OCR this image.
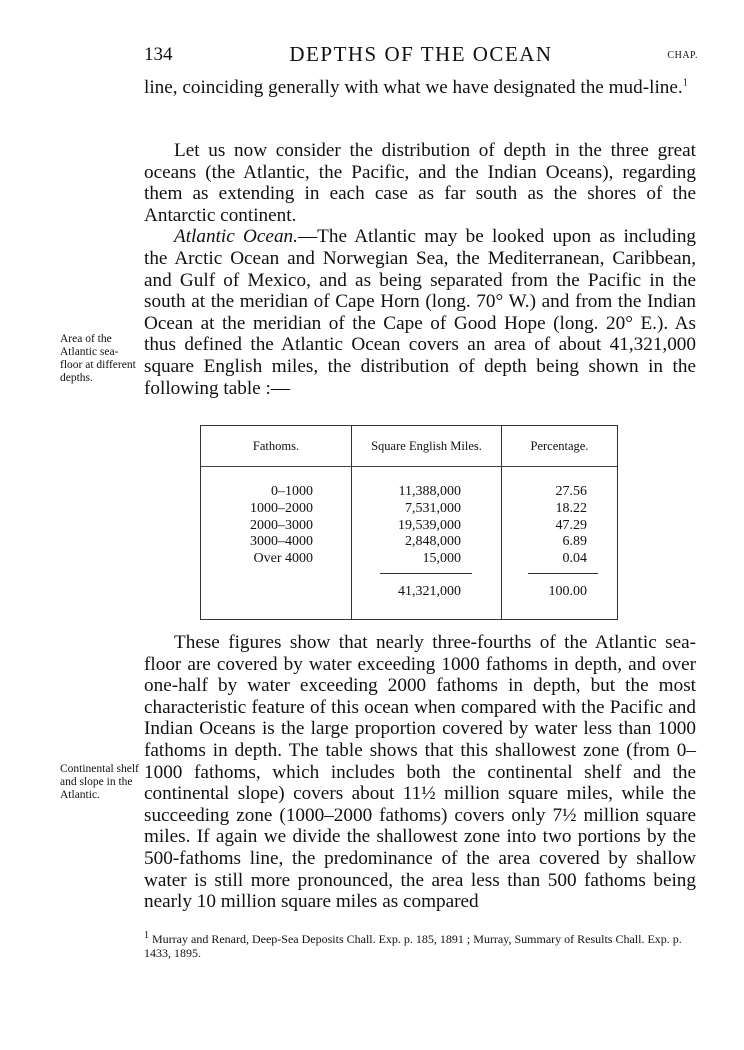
134	DEPTHS OF THE OCEAN	CHAP.

line, coinciding generally with what we have designated the mud-line.$^1$

Let us now consider the distribution of depth in the three great oceans (the Atlantic, the Pacific, and the Indian Oceans), regarding them as extending in each case as far south as the shores of the Antarctic continent.

Atlantic Ocean.—The Atlantic may be looked upon as including the Arctic Ocean and Norwegian Sea, the Mediterranean, Caribbean, and Gulf of Mexico, and as being separated from the Pacific in the south at the meridian of Cape Horn (long. 70° W.) and from the Indian Ocean at the meridian of the Cape of Good Hope (long. 20° E.). As thus defined the Atlantic Ocean covers an area of about 41,321,000 square English miles, the distribution of depth being shown in the following table :—

Area of the Atlantic sea-floor at different depths.
Fathoms.
0–1000
1000–2000
2000–3000
3000–4000
Over 4000
Square English Miles.
11,388,000
7,531,000
19,539,000
2,848,000
15,000
41,321,000
Percentage.
27.56
18.22
47.29
6.89
0.04
100.00

These figures show that nearly three-fourths of the Atlantic sea-floor are covered by water exceeding 1000 fathoms in depth, and over one-half by water exceeding 2000 fathoms in depth, but the most characteristic feature of this ocean when compared with the Pacific and Indian Oceans is the large proportion covered by water less than 1000 fathoms in depth. The table shows that this shallowest zone (from 0–1000 fathoms, which includes both the continental shelf and the continental slope) covers about 11½ million square miles, while the succeeding zone (1000–2000 fathoms) covers only 7½ million square miles. If again we divide the shallowest zone into two portions by the 500-fathoms line, the predominance of the area covered by shallow water is still more pronounced, the area less than 500 fathoms being nearly 10 million square miles as compared

Continental shelf and slope in the Atlantic.
$^1$ Murray and Renard, Deep-Sea Deposits Chall. Exp. p. 185, 1891 ; Murray, Summary of Results Chall. Exp. p. 1433, 1895.
